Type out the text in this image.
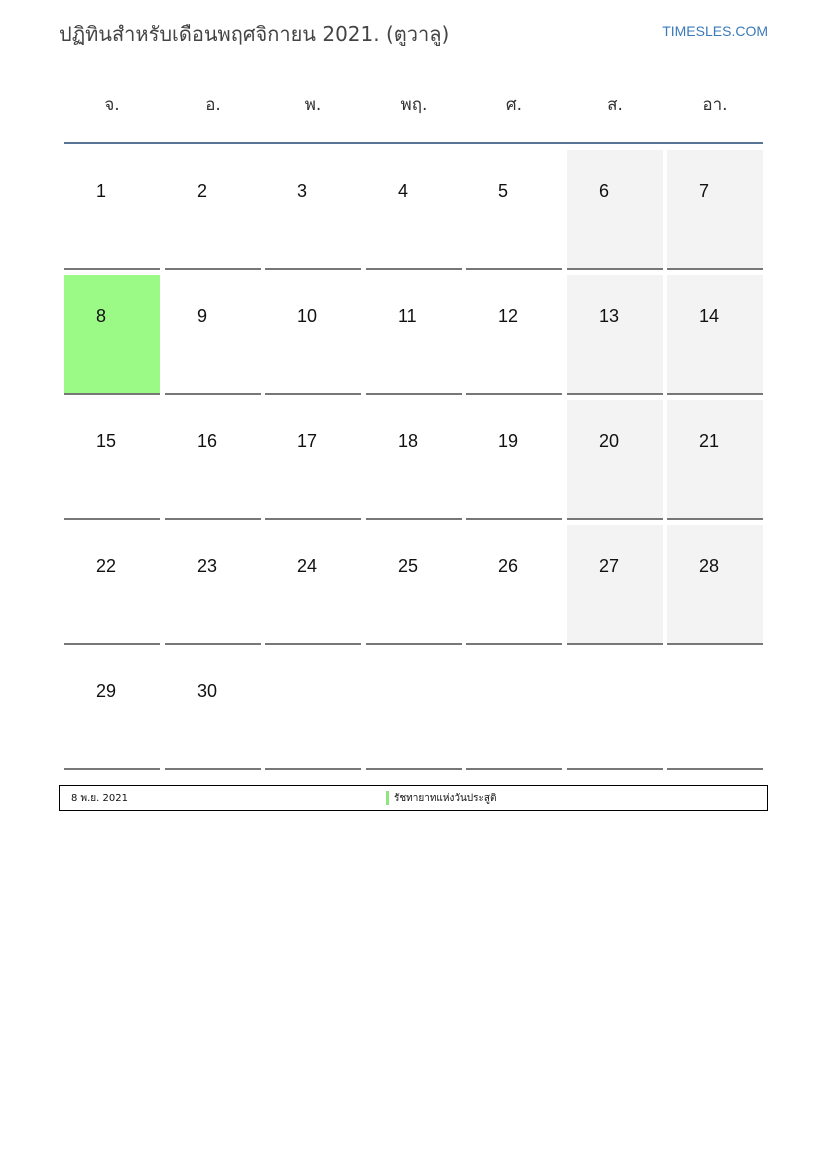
ปฏิทินสำหรับเดือนพฤศจิกายน 2021. (ตูวาลู)	TIMESLES.COM
จ.	อ.	พ.	พฤ.	ศ.	ส.	อา.
1	2	3	4	5	6	7
8	9	10	11	12	13	14
15	16	17	18	19	20	21
22	23	24	25	26	27	28
29	30
8 พ.ย. 2021	รัชทายาทแห่งวันประสูติ
